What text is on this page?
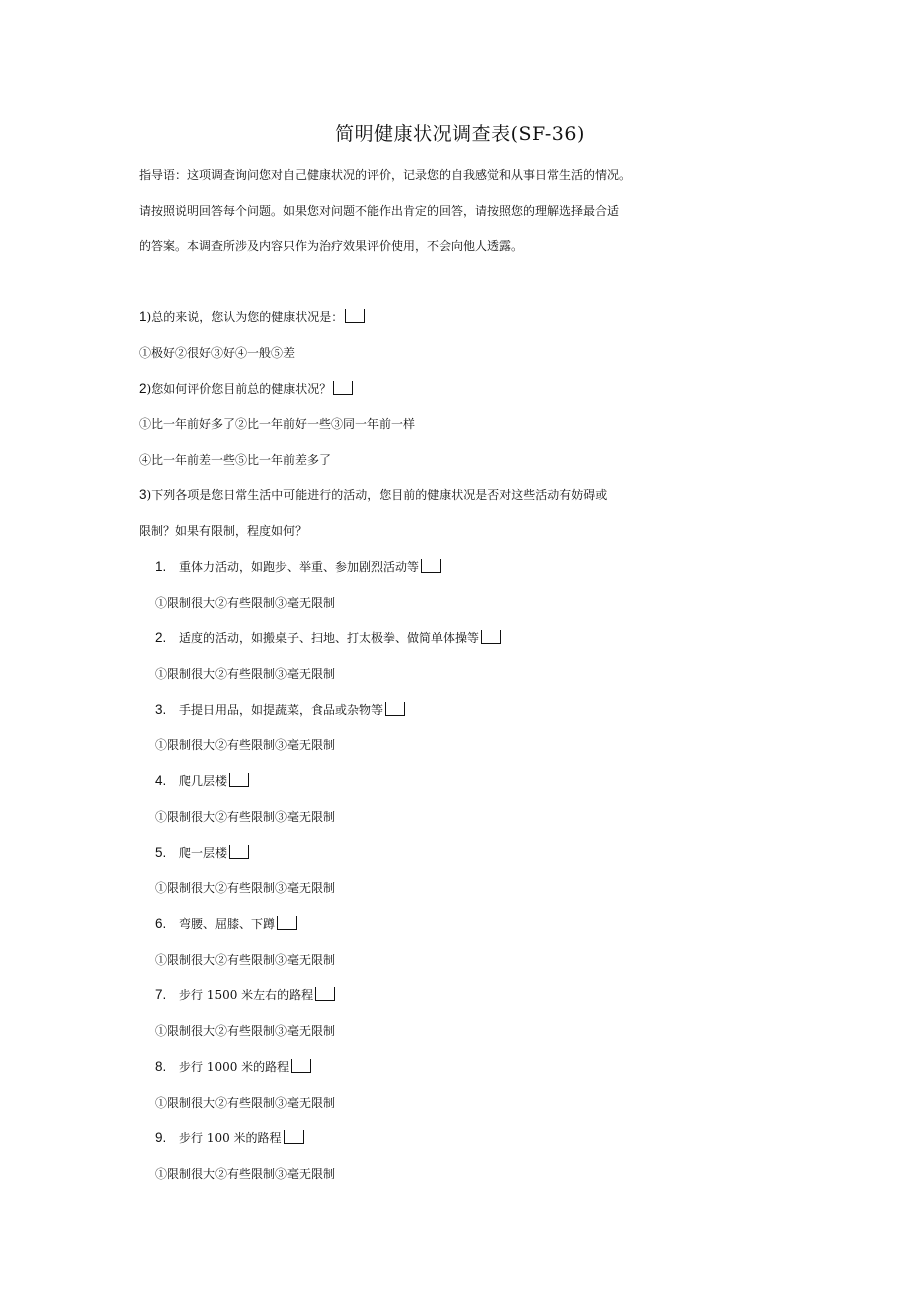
简明健康状况调查表(SF-36)
指导语：这项调查询问您对自己健康状况的评价，记录您的自我感觉和从事日常生活的情况。
请按照说明回答每个问题。如果您对问题不能作出肯定的回答，请按照您的理解选择最合适
的答案。本调查所涉及内容只作为治疗效果评价使用，不会向他人透露。
1)总的来说，您认为您的健康状况是：
①极好②很好③好④一般⑤差
2)您如何评价您目前总的健康状况？
①比一年前好多了②比一年前好一些③同一年前一样
④比一年前差一些⑤比一年前差多了
3)下列各项是您日常生活中可能进行的活动，您目前的健康状况是否对这些活动有妨碍或
限制？如果有限制，程度如何？
1. 重体力活动，如跑步、举重、参加剧烈活动等
①限制很大②有些限制③毫无限制
2. 适度的活动，如搬桌子、扫地、打太极拳、做简单体操等
①限制很大②有些限制③毫无限制
3. 手提日用品，如提蔬菜，食品或杂物等
①限制很大②有些限制③毫无限制
4. 爬几层楼
①限制很大②有些限制③毫无限制
5. 爬一层楼
①限制很大②有些限制③毫无限制
6. 弯腰、屈膝、下蹲
①限制很大②有些限制③毫无限制
7. 步行 1500 米左右的路程
①限制很大②有些限制③毫无限制
8. 步行 1000 米的路程
①限制很大②有些限制③毫无限制
9. 步行 100 米的路程
①限制很大②有些限制③毫无限制
